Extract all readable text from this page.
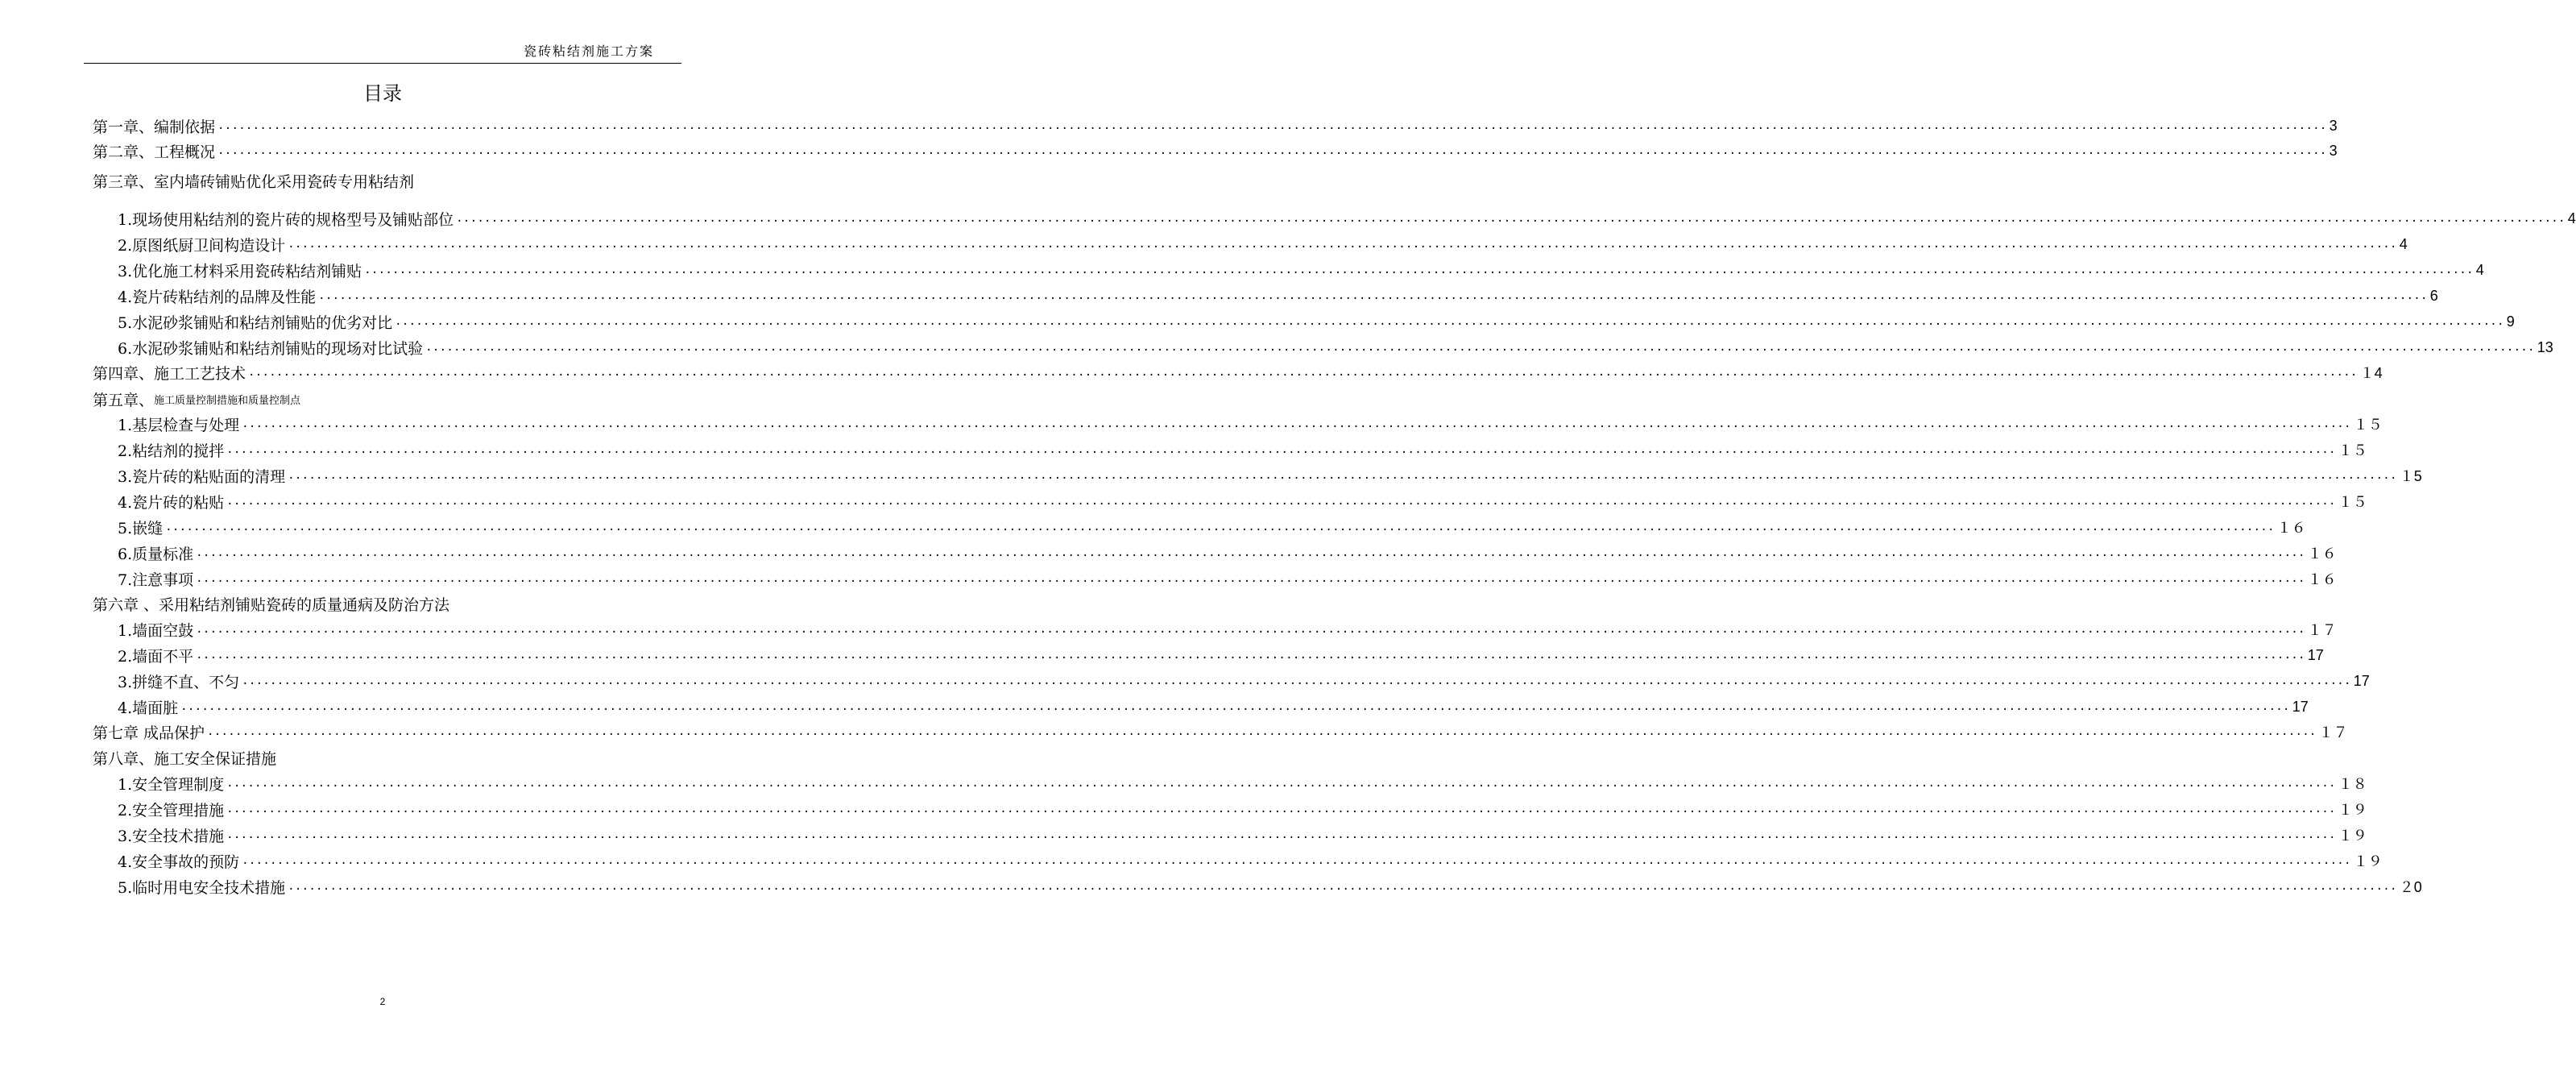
瓷砖粘结剂施工方案
目录
第一章、编制依据 ............................................................................................................................................................................................................................................................................................................ 3
第二章、工程概况 ............................................................................................................................................................................................................................................................................................................ 3
第三章、室内墙砖铺贴优化采用瓷砖专用粘结剂
1.现场使用粘结剂的瓷片砖的规格型号及铺贴部位 ............................................................................................................................................................................................................................................................................................................ 4
2.原图纸厨卫间构造设计 ............................................................................................................................................................................................................................................................................................................ 4
3.优化施工材料采用瓷砖粘结剂铺贴 ............................................................................................................................................................................................................................................................................................................ 4
4.瓷片砖粘结剂的品牌及性能 ............................................................................................................................................................................................................................................................................................................ 6
5.水泥砂浆铺贴和粘结剂铺贴的优劣对比 ............................................................................................................................................................................................................................................................................................................ 9
6.水泥砂浆铺贴和粘结剂铺贴的现场对比试验 ............................................................................................................................................................................................................................................................................................................ 13
第四章、施工工艺技术 ............................................................................................................................................................................................................................................................................................................ １4
第五章、 施工质量控制措施和质量控制点
1.基层检查与处理 ............................................................................................................................................................................................................................................................................................................ １５
2.粘结剂的搅拌 ............................................................................................................................................................................................................................................................................................................ １５
3.瓷片砖的粘贴面的清理 ............................................................................................................................................................................................................................................................................................................ １5
4.瓷片砖的粘贴 ............................................................................................................................................................................................................................................................................................................ １５
5.嵌缝 ............................................................................................................................................................................................................................................................................................................ １６
6.质量标准 ............................................................................................................................................................................................................................................................................................................ １６
7.注意事项 ............................................................................................................................................................................................................................................................................................................ １６
第六章 、采用粘结剂铺贴瓷砖的质量通病及防治方法
1.墙面空鼓 ............................................................................................................................................................................................................................................................................................................ １７
2.墙面不平 ............................................................................................................................................................................................................................................................................................................ 17
3.拼缝不直、不匀 ............................................................................................................................................................................................................................................................................................................ 17
4.墙面脏 ............................................................................................................................................................................................................................................................................................................ 17
第七章 成品保护 ............................................................................................................................................................................................................................................................................................................ １７
第八章、施工安全保证措施
1.安全管理制度 ............................................................................................................................................................................................................................................................................................................ １８
2.安全管理措施 ............................................................................................................................................................................................................................................................................................................ １９
3.安全技术措施 ............................................................................................................................................................................................................................................................................................................ １９
4.安全事故的预防 ............................................................................................................................................................................................................................................................................................................ １９
5.临时用电安全技术措施 ............................................................................................................................................................................................................................................................................................................ ２0
2
